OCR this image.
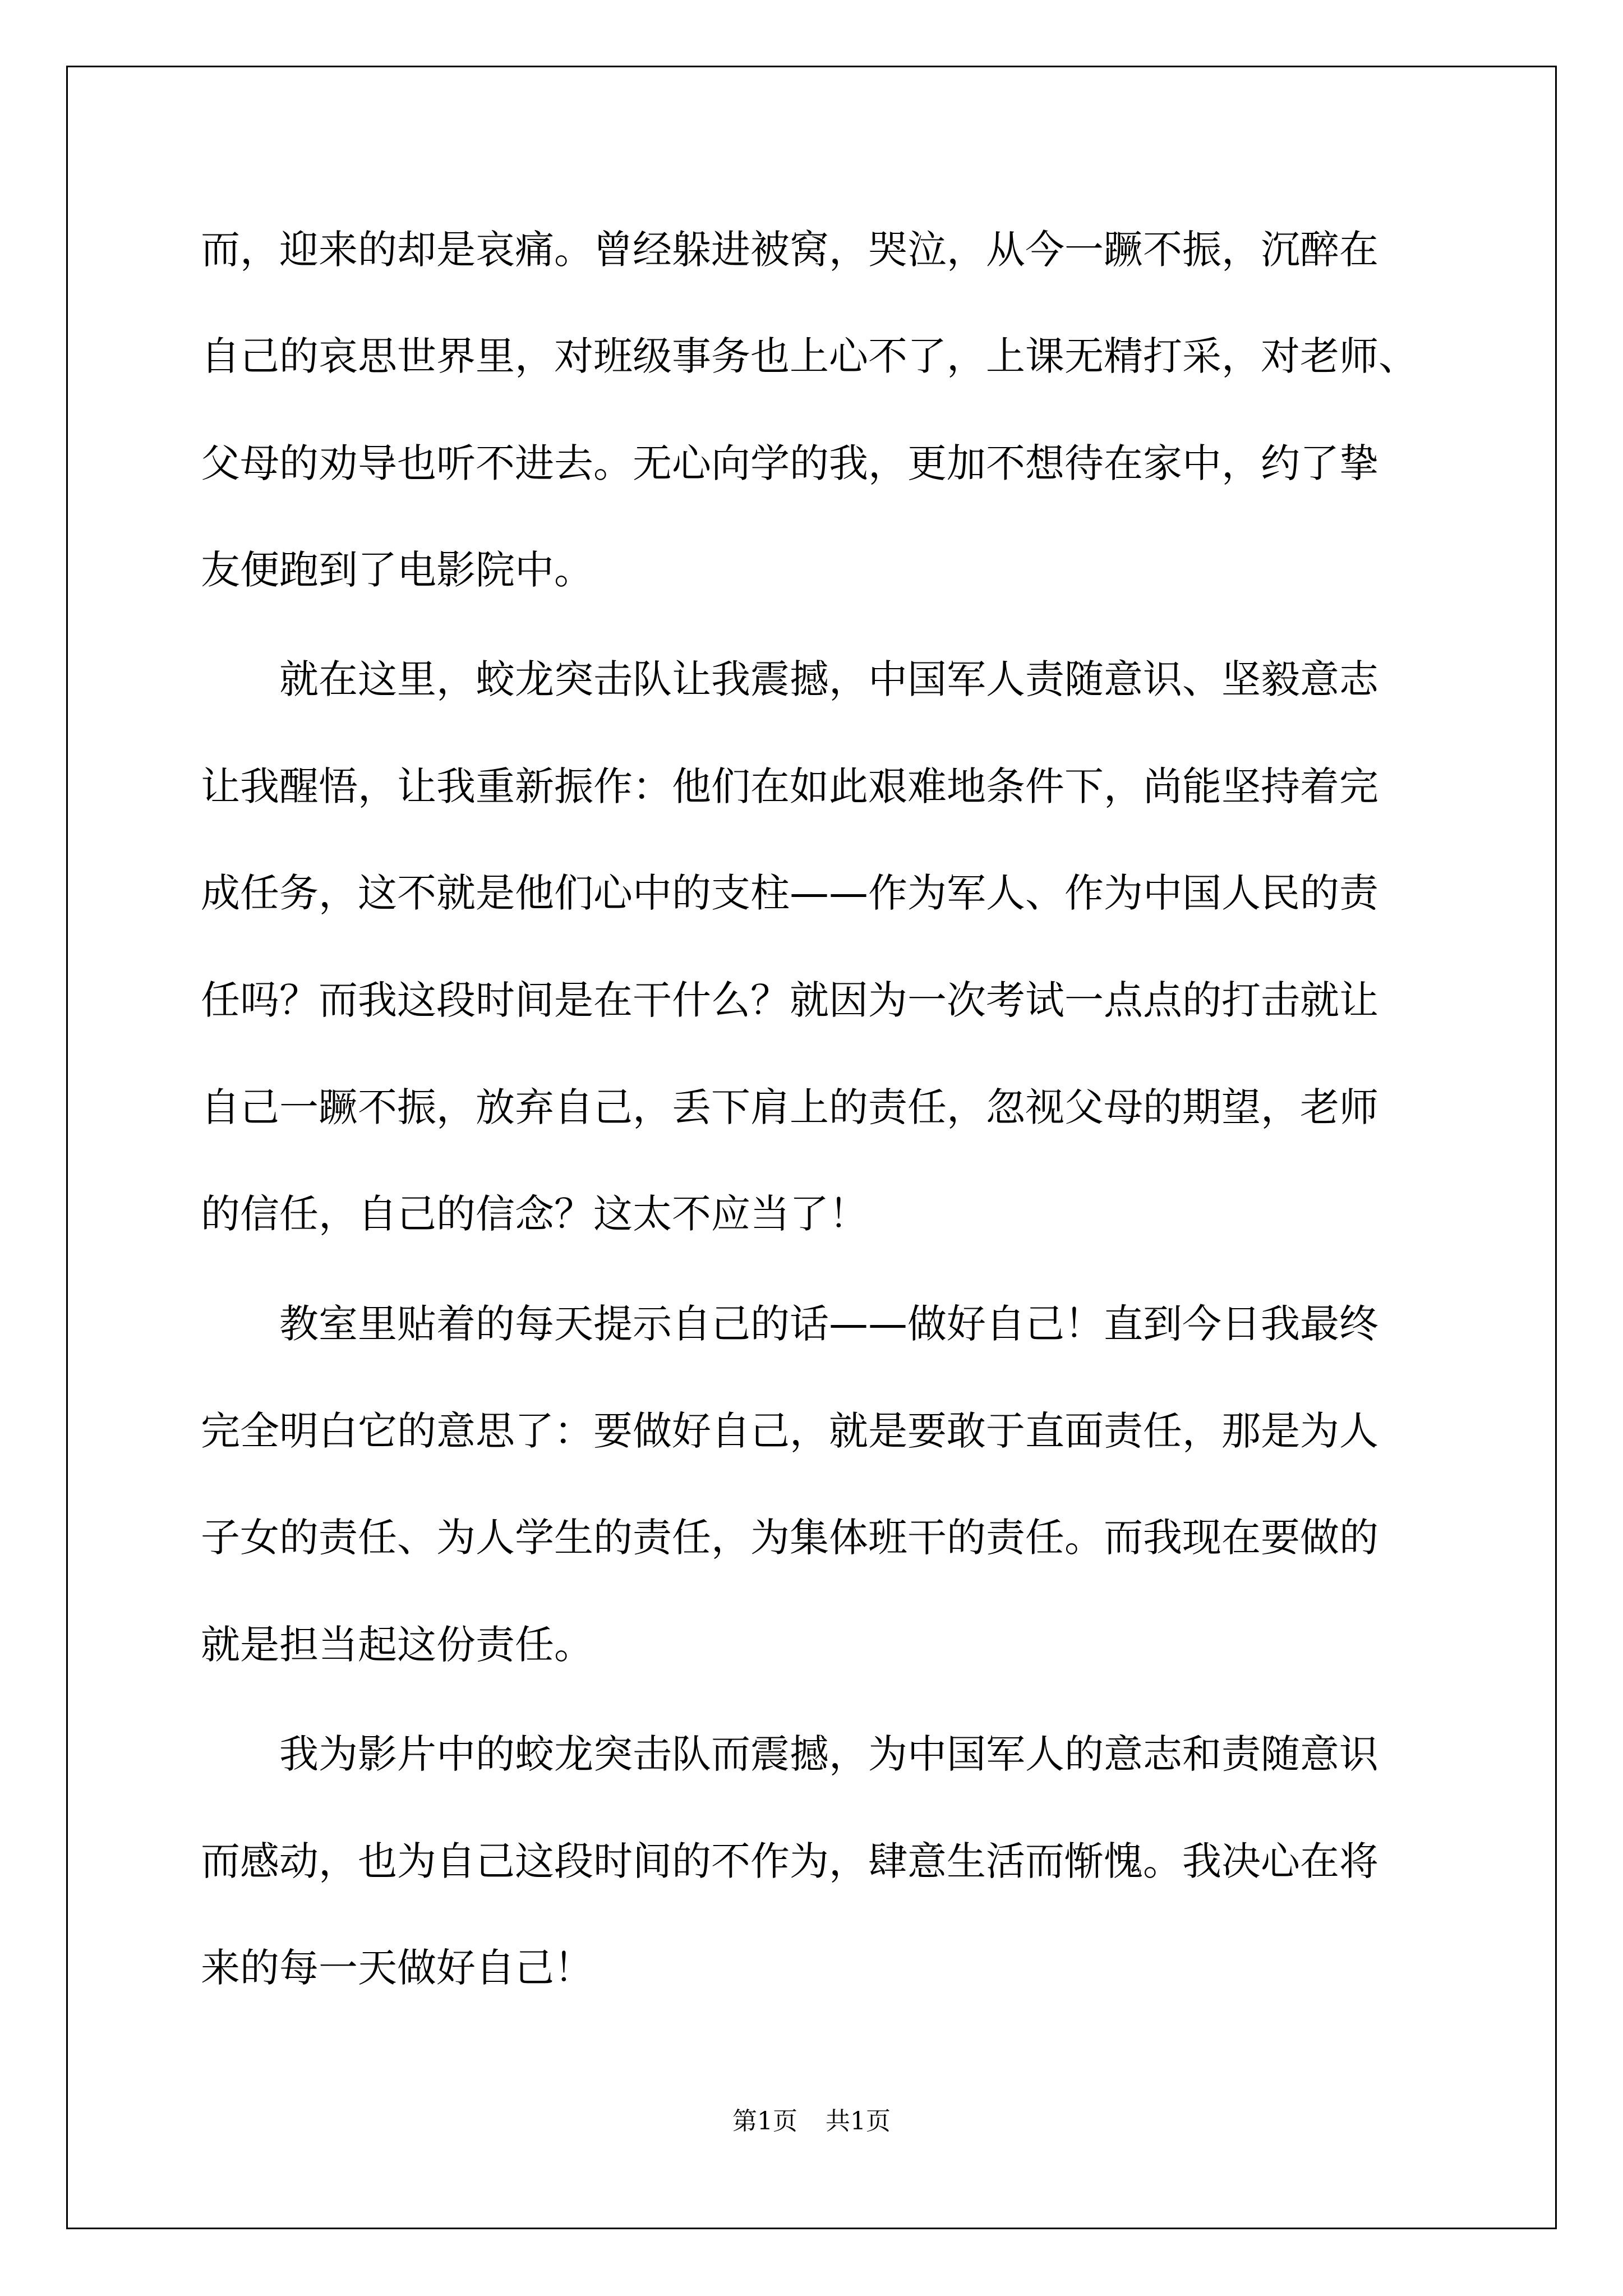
而，迎来的却是哀痛。曾经躲进被窝，哭泣，从今一蹶不振，沉醉在
自己的哀思世界里，对班级事务也上心不了，上课无精打采，对老师、
父母的劝导也听不进去。无心向学的我，更加不想待在家中，约了挚
友便跑到了电影院中。
就在这里，蛟龙突击队让我震撼，中国军人责随意识、坚毅意志
让我醒悟，让我重新振作：他们在如此艰难地条件下，尚能坚持着完
成任务，这不就是他们心中的支柱——作为军人、作为中国人民的责
任吗？而我这段时间是在干什么？就因为一次考试一点点的打击就让
自己一蹶不振，放弃自己，丢下肩上的责任，忽视父母的期望，老师
的信任，自己的信念？这太不应当了！
教室里贴着的每天提示自己的话——做好自己！直到今日我最终
完全明白它的意思了：要做好自己，就是要敢于直面责任，那是为人
子女的责任、为人学生的责任，为集体班干的责任。而我现在要做的
就是担当起这份责任。
我为影片中的蛟龙突击队而震撼，为中国军人的意志和责随意识
而感动，也为自己这段时间的不作为，肆意生活而惭愧。我决心在将
来的每一天做好自己！
第1页 共1页
